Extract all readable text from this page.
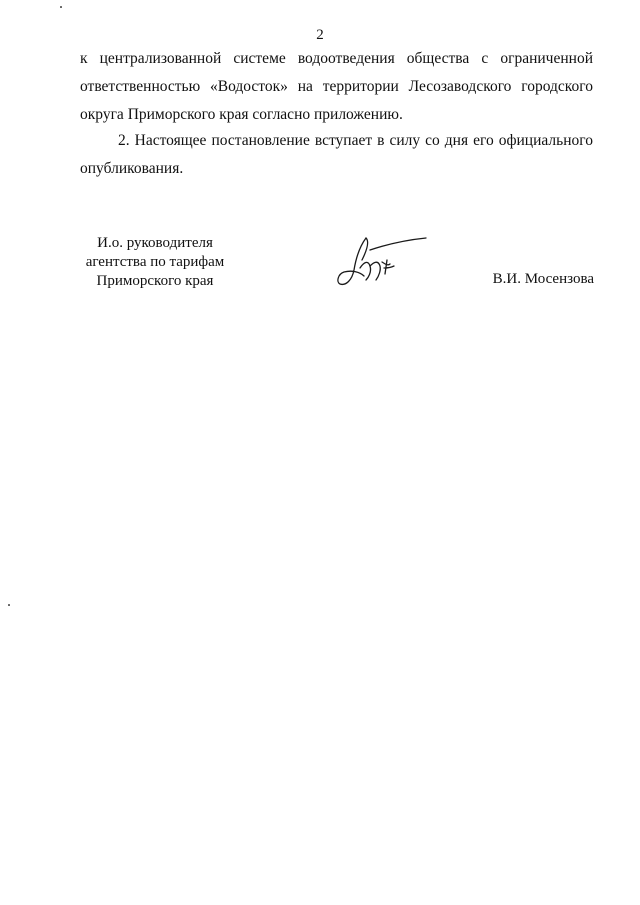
2
к централизованной системе водоотведения общества с ограниченной
ответственностью «Водосток» на территории Лесозаводского городского
округа Приморского края согласно приложению.
2. Настоящее постановление вступает в силу со дня его официального
опубликования.
И.о. руководителя
агентства по тарифам
Приморского края	В.И. Мосензова
